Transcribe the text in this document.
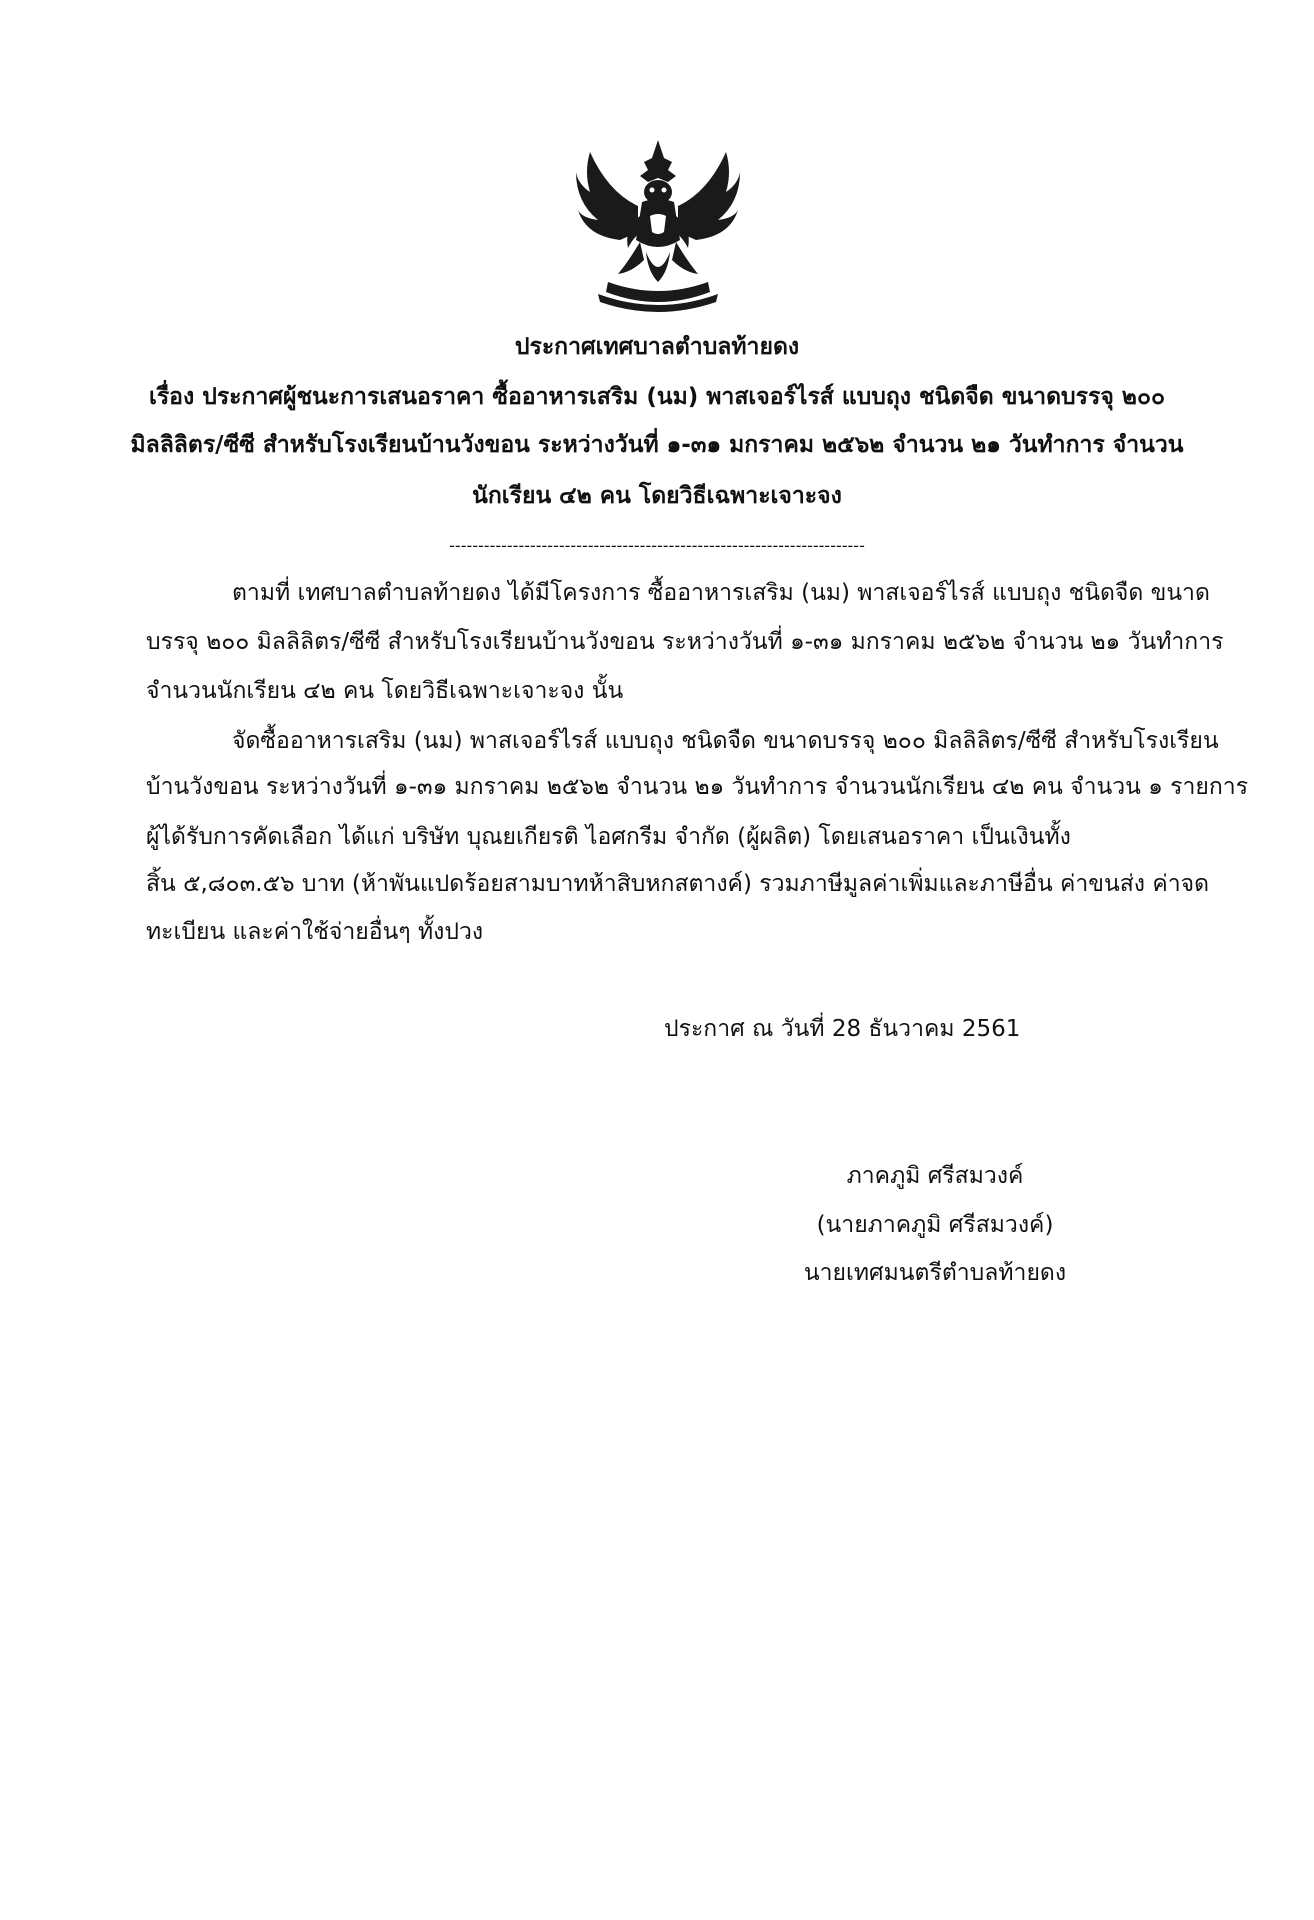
ประกาศเทศบาลตำบลท้ายดง
เรื่อง ประกาศผู้ชนะการเสนอราคา ซื้ออาหารเสริม (นม) พาสเจอร์ไรส์ แบบถุง ชนิดจืด ขนาดบรรจุ ๒๐๐
มิลลิลิตร/ซีซี สำหรับโรงเรียนบ้านวังขอน ระหว่างวันที่ ๑-๓๑ มกราคม ๒๕๖๒ จำนวน ๒๑ วันทำการ จำนวน
นักเรียน ๔๒ คน โดยวิธีเฉพาะเจาะจง
------------------------------------------------------------------------
ตามที่ เทศบาลตำบลท้ายดง ได้มีโครงการ ซื้ออาหารเสริม (นม) พาสเจอร์ไรส์ แบบถุง ชนิดจืด ขนาด
บรรจุ ๒๐๐ มิลลิลิตร/ซีซี สำหรับโรงเรียนบ้านวังขอน ระหว่างวันที่ ๑-๓๑ มกราคม ๒๕๖๒ จำนวน ๒๑ วันทำการ
จำนวนนักเรียน ๔๒ คน โดยวิธีเฉพาะเจาะจง นั้น
จัดซื้ออาหารเสริม (นม) พาสเจอร์ไรส์ แบบถุง ชนิดจืด ขนาดบรรจุ ๒๐๐ มิลลิลิตร/ซีซี สำหรับโรงเรียน
บ้านวังขอน ระหว่างวันที่ ๑-๓๑ มกราคม ๒๕๖๒ จำนวน ๒๑ วันทำการ จำนวนนักเรียน ๔๒ คน จำนวน ๑ รายการ
ผู้ได้รับการคัดเลือก ได้แก่ บริษัท บุณยเกียรติ ไอศกรีม จำกัด (ผู้ผลิต) โดยเสนอราคา เป็นเงินทั้ง
สิ้น ๕,๘๐๓.๕๖ บาท (ห้าพันแปดร้อยสามบาทห้าสิบหกสตางค์) รวมภาษีมูลค่าเพิ่มและภาษีอื่น ค่าขนส่ง ค่าจด
ทะเบียน และค่าใช้จ่ายอื่นๆ ทั้งปวง
ประกาศ ณ วันที่ 28 ธันวาคม 2561
ภาคภูมิ ศรีสมวงค์
(นายภาคภูมิ ศรีสมวงค์)
นายเทศมนตรีตำบลท้ายดง
